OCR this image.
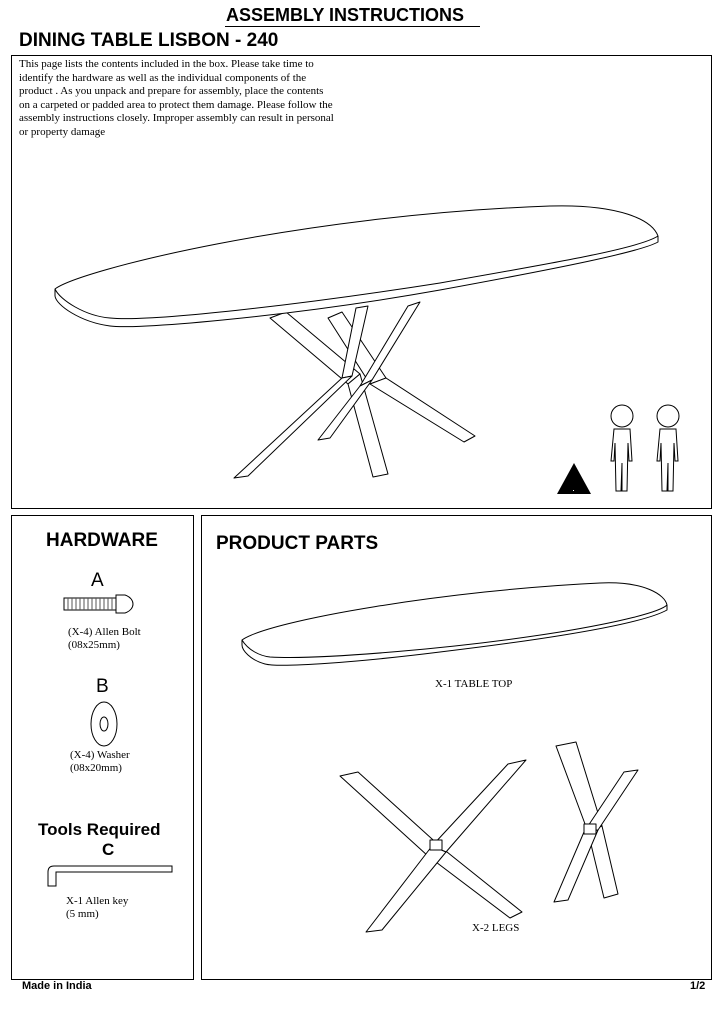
ASSEMBLY INSTRUCTIONS
DINING TABLE LISBON - 240
This page lists the contents included in the box. Please take time to identify the hardware as well as the individual components of the product . As you unpack and prepare for assembly, place the contents on a carpeted or padded area to protect them damage. Please follow the assembly instructions closely. Improper assembly can result in personal or property damage
HARDWARE
A
(X-4) Allen Bolt
(08x25mm)
B
(X-4) Washer
(08x20mm)
Tools Required
C
X-1 Allen key
(5 mm)
PRODUCT PARTS
X-1 TABLE TOP
X-2 LEGS
Made in India	1/2
